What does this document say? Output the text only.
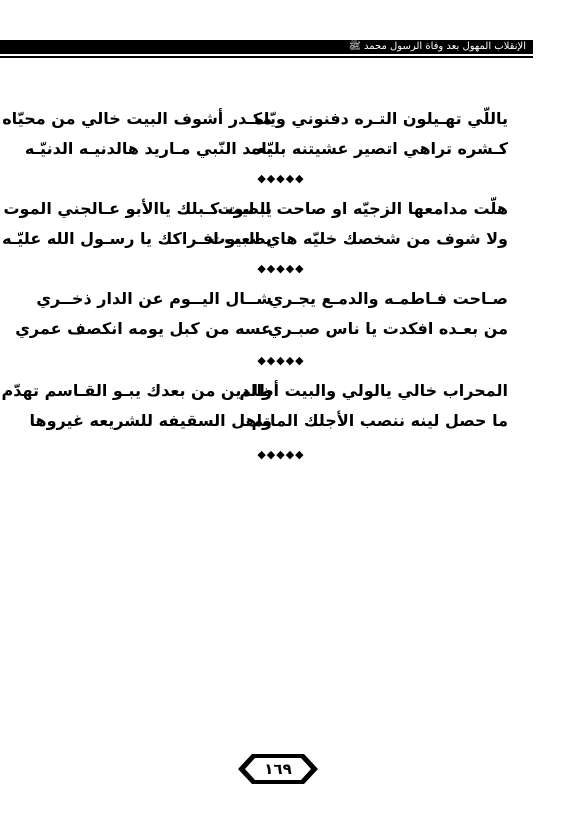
الإنقلاب المهول بعد وفاة الرسول محمد ﷺ
ياللّي تهـيلون التـره دفنوني ويّاه
مكـدر أشوف البيت خالي من محيّاه
كـشره تراهي اتصير عشيتنه بليّاه
بعـد النّبي مـاريد هالدنيـه الدنيّـه
◆◆◆◆◆
هلّت مدامعها الزجيّه او صاحت ابصوت
يا ليت كـبلك ياالأبو عـالجني الموت
ولا شوف من شخصك خليّه هاي البيوت
يصعب افـراكك يا رسـول الله عليّـه
◆◆◆◆◆
صـاحت فـاطمـه والدمـع يجـري
شــال اليــوم عن الدار ذخــري
من بعـده افكدت يا ناس صبـري
عسه من كبل يومه انكصف عمري
◆◆◆◆◆
المحراب خالي يالولي والبيت أظلم
والدين من بعدك يبـو القـاسم تهدّم
ما حصل لينه ننصب الأجلك الماتم
واهل السقيفه للشريعه غيروها
◆◆◆◆◆
١٦٩
